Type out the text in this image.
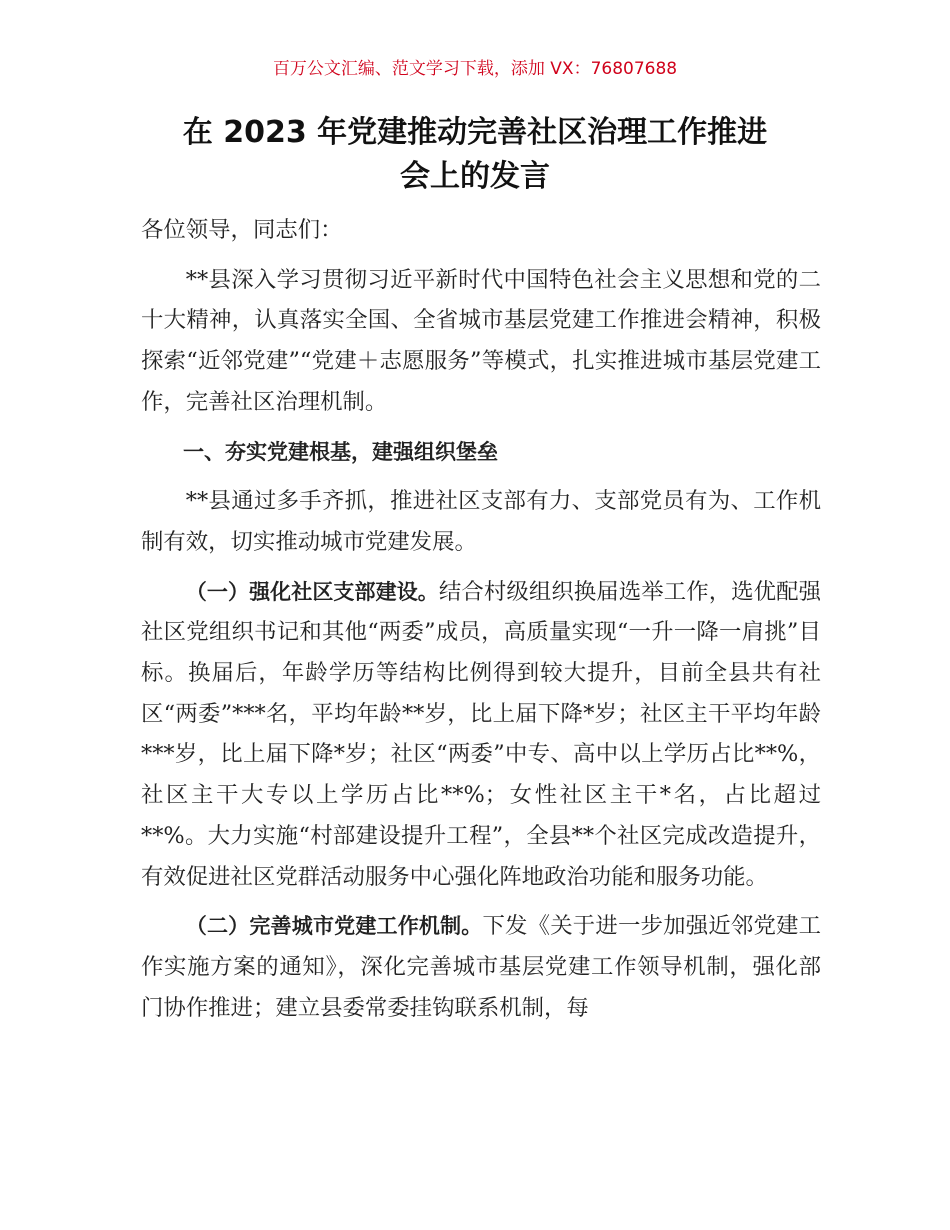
百万公文汇编、范文学习下载，添加 VX：76807688
在 2023 年党建推动完善社区治理工作推进
会上的发言

各位领导，同志们：

**县深入学习贯彻习近平新时代中国特色社会主义思想和党的二十大精神，认真落实全国、全省城市基层党建工作推进会精神，积极探索“近邻党建”“党建＋志愿服务”等模式，扎实推进城市基层党建工作，完善社区治理机制。

一、夯实党建根基，建强组织堡垒

**县通过多手齐抓，推进社区支部有力、支部党员有为、工作机制有效，切实推动城市党建发展。

（一）强化社区支部建设。结合村级组织换届选举工作，选优配强社区党组织书记和其他“两委”成员，高质量实现“一升一降一肩挑”目标。换届后，年龄学历等结构比例得到较大提升，目前全县共有社区“两委”***名，平均年龄**岁，比上届下降*岁；社区主干平均年龄***岁，比上届下降*岁；社区“两委”中专、高中以上学历占比**%，社区主干大专以上学历占比**%；女性社区主干*名，占比超过**%。大力实施“村部建设提升工程”，全县**个社区完成改造提升，有效促进社区党群活动服务中心强化阵地政治功能和服务功能。

（二）完善城市党建工作机制。下发《关于进一步加强近邻党建工作实施方案的通知》，深化完善城市基层党建工作领导机制，强化部门协作推进；建立县委常委挂钩联系机制，每
